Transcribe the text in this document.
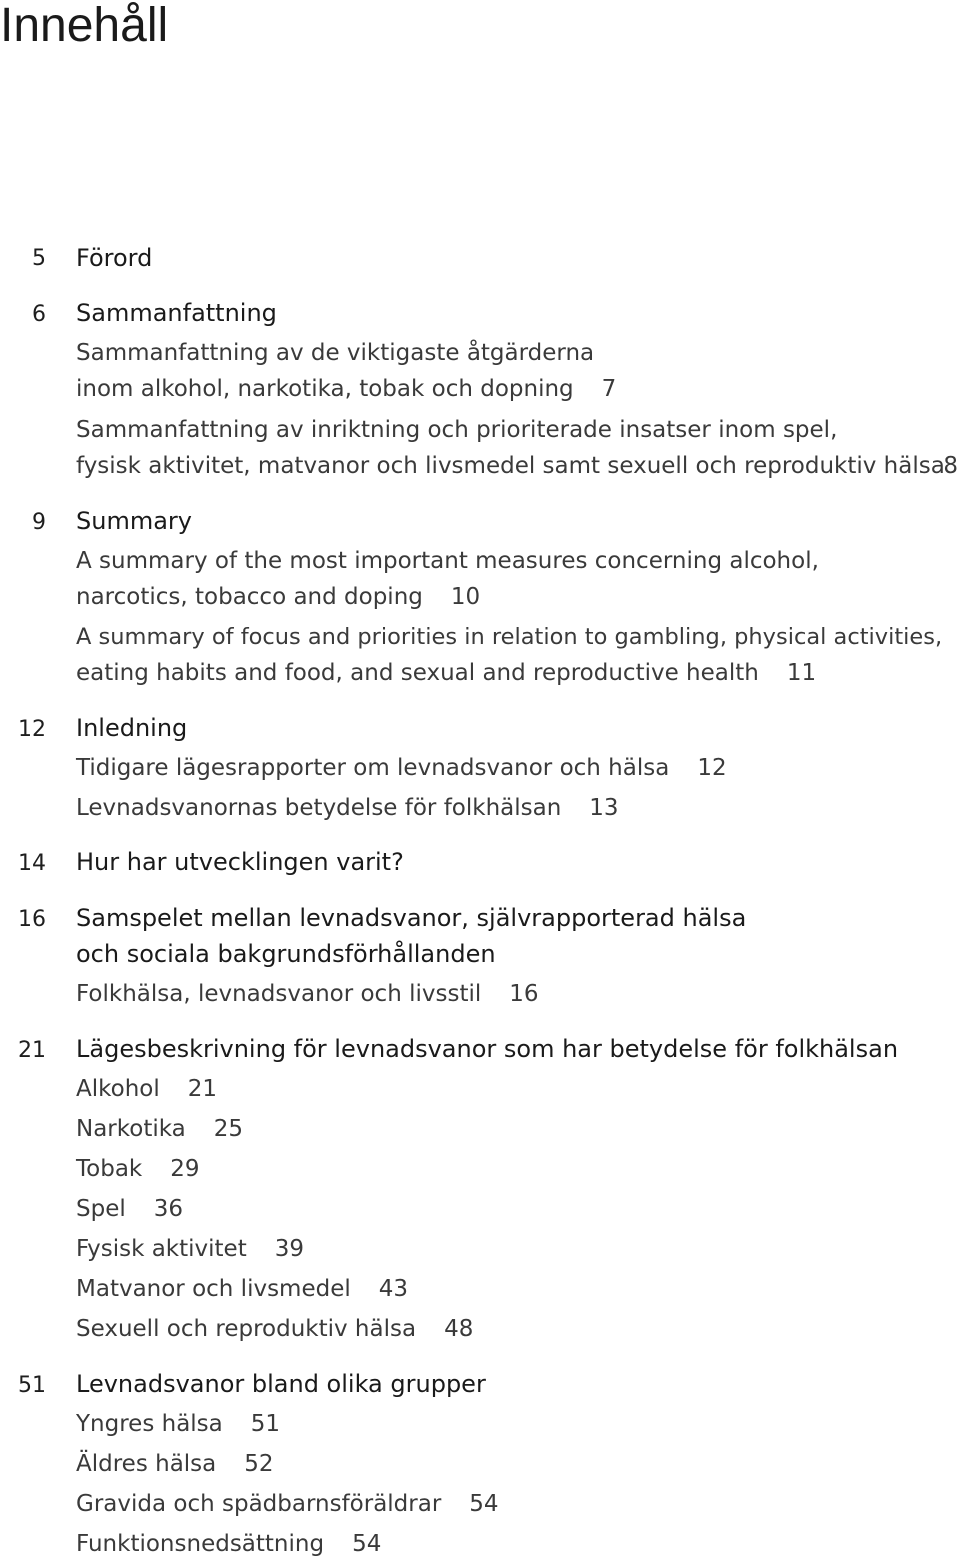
Innehåll
5 Förord
6 Sammanfattning
Sammanfattning av de viktigaste åtgärderna
inom alkohol, narkotika, tobak och dopning 7
Sammanfattning av inriktning och prioriterade insatser inom spel,
fysisk aktivitet, matvanor och livsmedel samt sexuell och reproduktiv hälsa
8
9 Summary
A summary of the most important measures concerning alcohol,
narcotics, tobacco and doping 10
A summary of focus and priorities in relation to gambling, physical activities,
eating habits and food, and sexual and reproductive health 11
12 Inledning
Tidigare lägesrapporter om levnadsvanor och hälsa 12
Levnadsvanornas betydelse för folkhälsan 13
14 Hur har utvecklingen varit?
16 Samspelet mellan levnadsvanor, självrapporterad hälsa
och sociala bakgrundsförhållanden
Folkhälsa, levnadsvanor och livsstil 16
21 Lägesbeskrivning för levnadsvanor som har betydelse för folkhälsan
Alkohol 21
Narkotika 25
Tobak 29
Spel 36
Fysisk aktivitet 39
Matvanor och livsmedel 43
Sexuell och reproduktiv hälsa 48
51 Levnadsvanor bland olika grupper
Yngres hälsa 51
Äldres hälsa 52
Gravida och spädbarnsföräldrar 54
Funktionsnedsättning 54
